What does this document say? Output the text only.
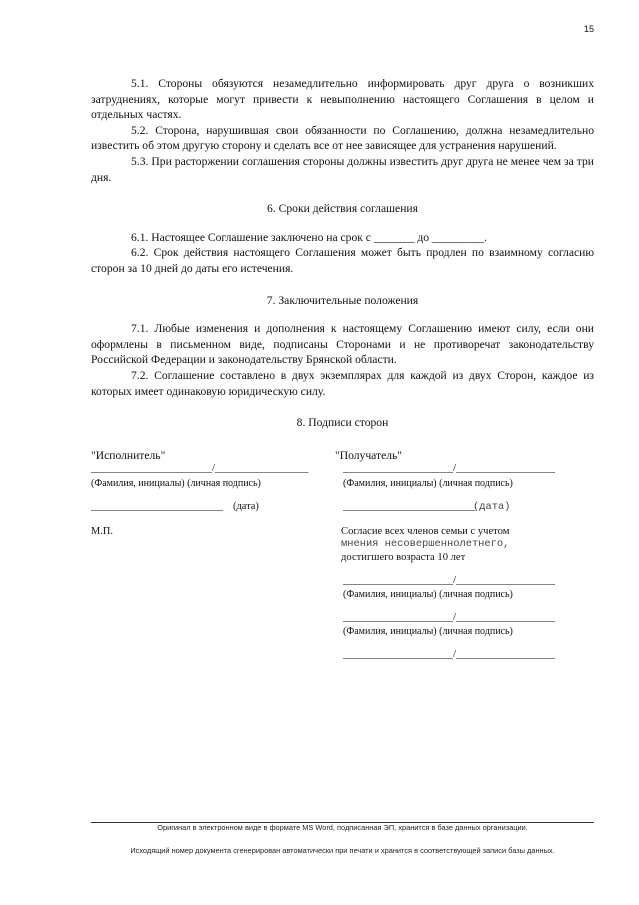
15

5.1. Стороны обязуются незамедлительно информировать друг друга о возникших затруднениях, которые могут привести к невыполнению настоящего Соглашения в целом и отдельных частях.

5.2. Сторона, нарушившая свои обязанности по Соглашению, должна незамедлительно известить об этом другую сторону и сделать все от нее зависящее для устранения нарушений.

5.3. При расторжении соглашения стороны должны известить друг друга не менее чем за три дня.

6. Сроки действия соглашения

6.1. Настоящее Соглашение заключено на срок с _______ до _________.

6.2. Срок действия настоящего Соглашения может быть продлен по взаимному согласию сторон за 10 дней до даты его истечения.

7. Заключительные положения

7.1. Любые изменения и дополнения к настоящему Соглашению имеют силу, если они оформлены в письменном виде, подписаны Сторонами и не противоречат законодательству Российской Федерации и законодательству Брянской области.

7.2. Соглашение составлено в двух экземплярах для каждой из двух Сторон, каждое из которых имеет одинаковую юридическую силу.

8. Подписи сторон

"Исполнитель"
______________________/_________________
(Фамилия, инициалы) (личная подпись)
________________________ (дата)
М.П.
"Получатель"
____________________/__________________
(Фамилия, инициалы) (личная подпись)
________________________
(дата)
Согласие всех членов семьи с учетом
мнения несовершеннолетнего,
достигшего возраста 10 лет
____________________/__________________
(Фамилия, инициалы) (личная подпись)
____________________/__________________
(Фамилия, инициалы) (личная подпись)
____________________/__________________
Оригинал в электронном виде в формате MS Word, подписанная ЭП, хранится в базе данных организации.
Исходящий номер документа сгенерирован автоматически при печати и хранится в соответствующей записи базы данных.
